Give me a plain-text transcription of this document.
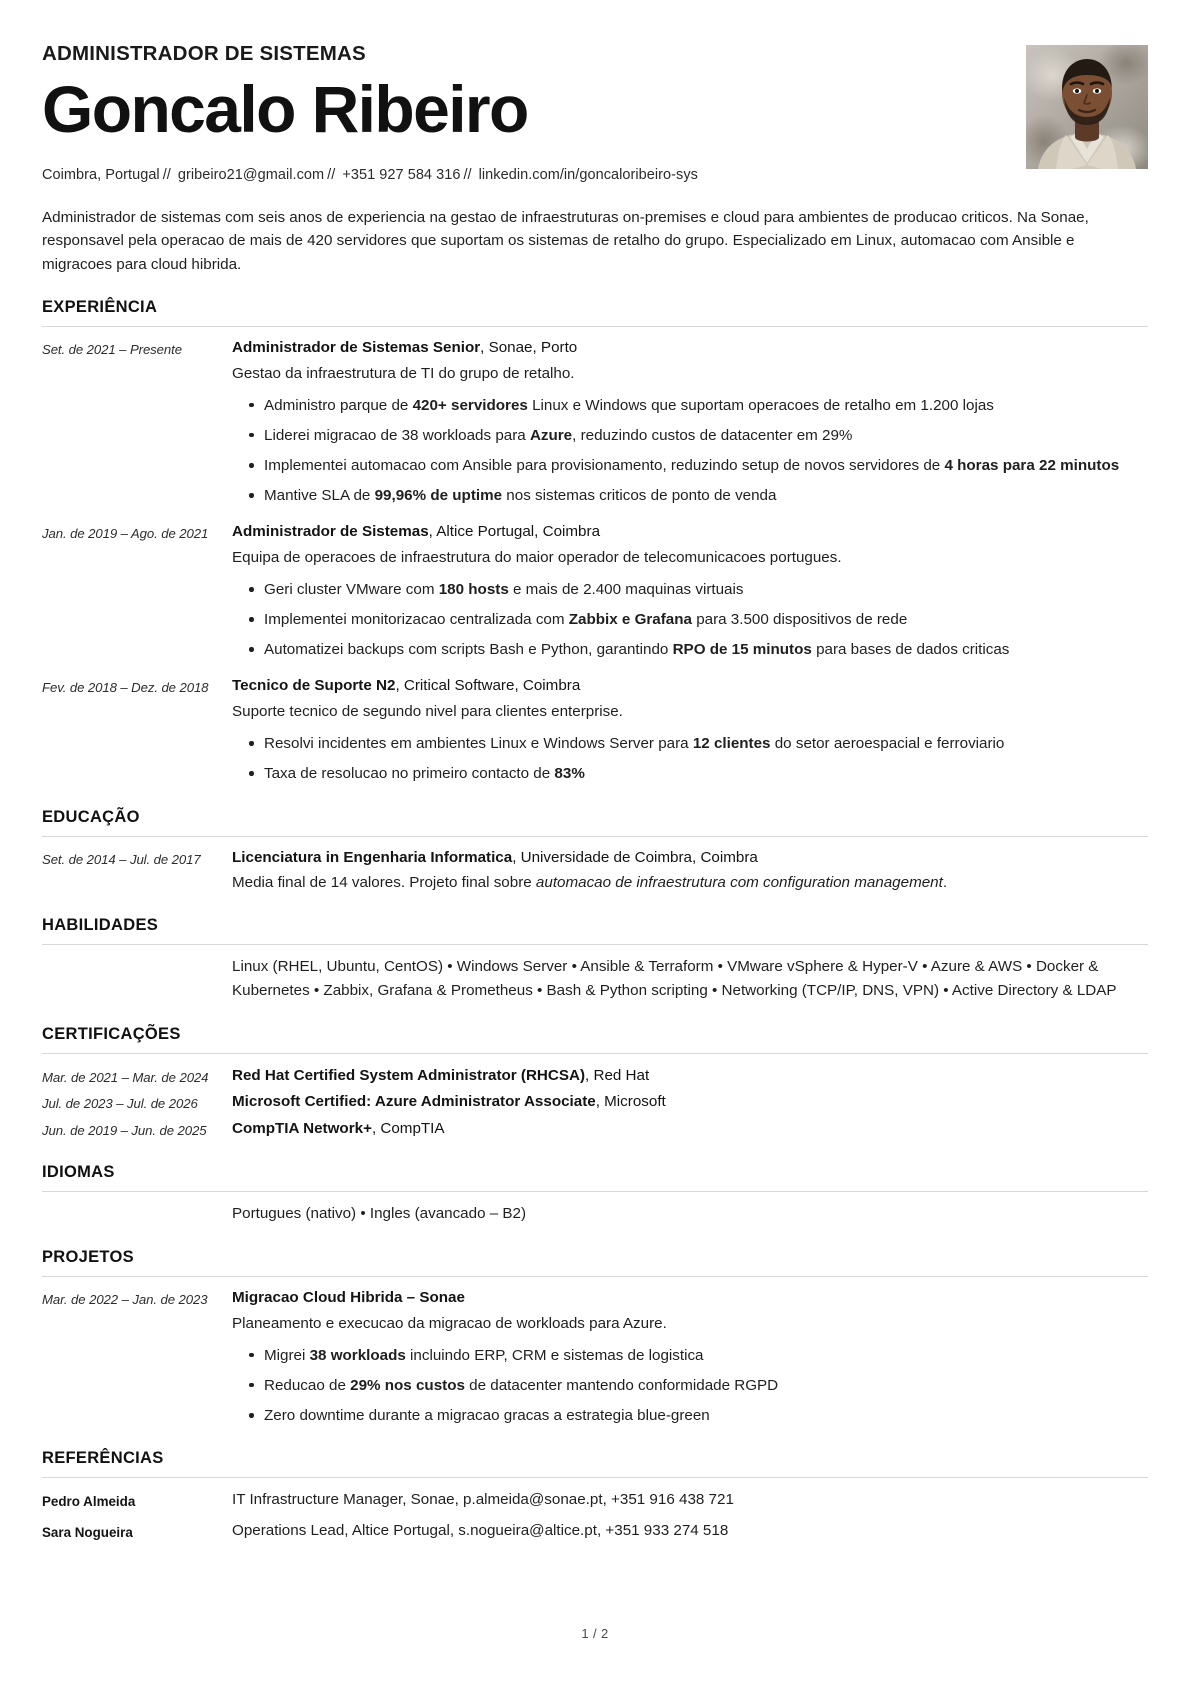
ADMINISTRADOR DE SISTEMAS
Goncalo Ribeiro
Coimbra, Portugal // gribeiro21@gmail.com // +351 927 584 316 // linkedin.com/in/goncaloribeiro-sys
Administrador de sistemas com seis anos de experiencia na gestao de infraestruturas on-premises e cloud para ambientes de producao criticos. Na Sonae, responsavel pela operacao de mais de 420 servidores que suportam os sistemas de retalho do grupo. Especializado em Linux, automacao com Ansible e migracoes para cloud hibrida.
EXPERIÊNCIA
Set. de 2021 – Presente	Administrador de Sistemas Senior, Sonae, Porto
Gestao da infraestrutura de TI do grupo de retalho.
Administro parque de 420+ servidores Linux e Windows que suportam operacoes de retalho em 1.200 lojas
Liderei migracao de 38 workloads para Azure, reduzindo custos de datacenter em 29%
Implementei automacao com Ansible para provisionamento, reduzindo setup de novos servidores de 4 horas para 22 minutos
Mantive SLA de 99,96% de uptime nos sistemas criticos de ponto de venda
Jan. de 2019 – Ago. de 2021	Administrador de Sistemas, Altice Portugal, Coimbra
Equipa de operacoes de infraestrutura do maior operador de telecomunicacoes portugues.
Geri cluster VMware com 180 hosts e mais de 2.400 maquinas virtuais
Implementei monitorizacao centralizada com Zabbix e Grafana para 3.500 dispositivos de rede
Automatizei backups com scripts Bash e Python, garantindo RPO de 15 minutos para bases de dados criticas
Fev. de 2018 – Dez. de 2018	Tecnico de Suporte N2, Critical Software, Coimbra
Suporte tecnico de segundo nivel para clientes enterprise.
Resolvi incidentes em ambientes Linux e Windows Server para 12 clientes do setor aeroespacial e ferroviario
Taxa de resolucao no primeiro contacto de 83%
EDUCAÇÃO
Set. de 2014 – Jul. de 2017	Licenciatura in Engenharia Informatica, Universidade de Coimbra, Coimbra
Media final de 14 valores. Projeto final sobre automacao de infraestrutura com configuration management.
HABILIDADES
Linux (RHEL, Ubuntu, CentOS) • Windows Server • Ansible & Terraform • VMware vSphere & Hyper-V • Azure & AWS • Docker & Kubernetes • Zabbix, Grafana & Prometheus • Bash & Python scripting • Networking (TCP/IP, DNS, VPN) • Active Directory & LDAP
CERTIFICAÇÕES
Mar. de 2021 – Mar. de 2024	Red Hat Certified System Administrator (RHCSA), Red Hat
Jul. de 2023 – Jul. de 2026	Microsoft Certified: Azure Administrator Associate, Microsoft
Jun. de 2019 – Jun. de 2025	CompTIA Network+, CompTIA
IDIOMAS
Portugues (nativo) • Ingles (avancado – B2)
PROJETOS
Mar. de 2022 – Jan. de 2023	Migracao Cloud Hibrida – Sonae
Planeamento e execucao da migracao de workloads para Azure.
Migrei 38 workloads incluindo ERP, CRM e sistemas de logistica
Reducao de 29% nos custos de datacenter mantendo conformidade RGPD
Zero downtime durante a migracao gracas a estrategia blue-green
REFERÊNCIAS
Pedro Almeida	IT Infrastructure Manager, Sonae, p.almeida@sonae.pt, +351 916 438 721
Sara Nogueira	Operations Lead, Altice Portugal, s.nogueira@altice.pt, +351 933 274 518
1 / 2
